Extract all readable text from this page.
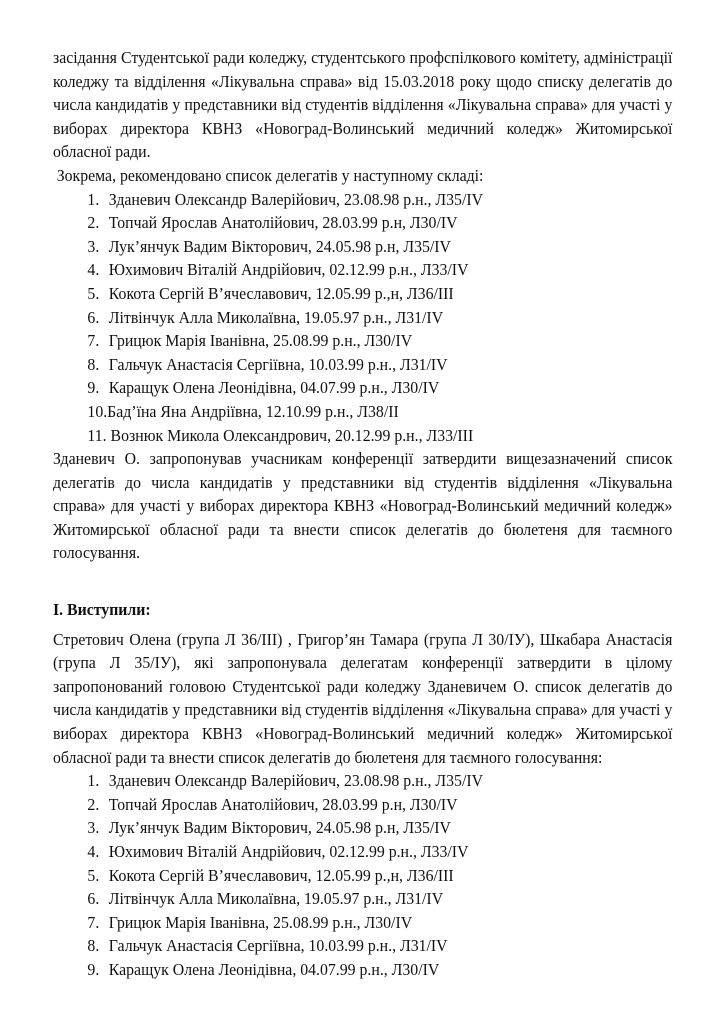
засідання Студентської ради коледжу, студентського профспілкового комітету, адміністрації коледжу та відділення «Лікувальна справа» від 15.03.2018 року щодо списку делегатів до числа кандидатів у представники від студентів відділення «Лікувальна справа» для участі у виборах директора КВНЗ «Новоград-Волинський медичний коледж» Житомирської обласної ради.

Зокрема, рекомендовано список делегатів у наступному складі:

1. Зданевич Олександр Валерійович, 23.08.98 р.н., Л35/IV
2. Топчай Ярослав Анатолійович, 28.03.99 р.н, Л30/IV
3. Лук’янчук Вадим Вікторович, 24.05.98 р.н, Л35/IV
4. Юхимович Віталій Андрійович, 02.12.99 р.н., Л33/IV
5. Кокота Сергій В’ячеславович, 12.05.99 р.,н, Л36/III
6. Літвінчук Алла Миколаївна, 19.05.97 р.н., Л31/IV
7. Грицюк Марія Іванівна, 25.08.99 р.н., Л30/IV
8. Гальчук Анастасія Сергіївна, 10.03.99 р.н., Л31/IV
9. Каращук Олена Леонідівна, 04.07.99 р.н., Л30/IV
10.Бад’їна Яна Андріївна, 12.10.99 р.н., Л38/II
11. Вознюк Микола Олександрович, 20.12.99 р.н., Л33/III

Зданевич О. запропонував учасникам конференції затвердити вищезазначений список делегатів до числа кандидатів у представники від студентів відділення «Лікувальна справа» для участі у виборах директора КВНЗ «Новоград-Волинський медичний коледж» Житомирської обласної ради та внести список делегатів до бюлетеня для таємного голосування.

I. Виступили:

Стретович Олена (група Л 36/III) , Григор’ян Тамара (група Л 30/IУ), Шкабара Анастасія (група Л 35/IУ), які запропонувала делегатам конференції затвердити в цілому запропонований головою Студентської ради коледжу Зданевичем О. список делегатів до числа кандидатів у представники від студентів відділення «Лікувальна справа» для участі у виборах директора КВНЗ «Новоград-Волинський медичний коледж» Житомирської обласної ради та внести список делегатів до бюлетеня для таємного голосування:

1. Зданевич Олександр Валерійович, 23.08.98 р.н., Л35/IV
2. Топчай Ярослав Анатолійович, 28.03.99 р.н, Л30/IV
3. Лук’янчук Вадим Вікторович, 24.05.98 р.н, Л35/IV
4. Юхимович Віталій Андрійович, 02.12.99 р.н., Л33/IV
5. Кокота Сергій В’ячеславович, 12.05.99 р.,н, Л36/III
6. Літвінчук Алла Миколаївна, 19.05.97 р.н., Л31/IV
7. Грицюк Марія Іванівна, 25.08.99 р.н., Л30/IV
8. Гальчук Анастасія Сергіївна, 10.03.99 р.н., Л31/IV
9. Каращук Олена Леонідівна, 04.07.99 р.н., Л30/IV
